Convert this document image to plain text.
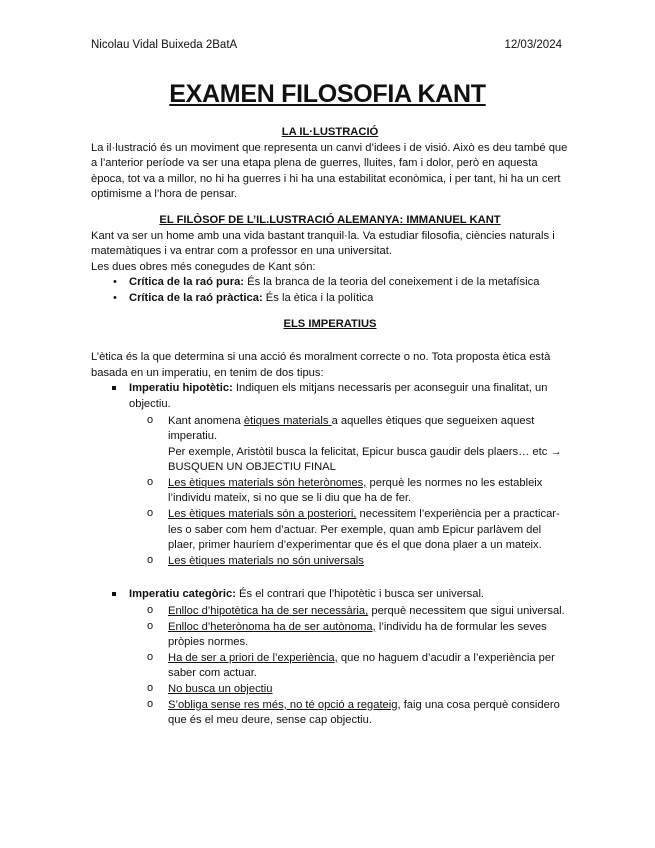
Nicolau Vidal Buixeda 2BatA	12/03/2024
EXAMEN FILOSOFIA KANT

LA IL·LUSTRACIÓ

La il·lustració és un moviment que representa un canvi d’idees i de visió. Això es deu també que a l’anterior període va ser una etapa plena de guerres, lluites, fam i dolor, però en aquesta època, tot va a millor, no hi ha guerres i hi ha una estabilitat econòmica, i per tant, hi ha un cert optimisme a l’hora de pensar.

EL FILÒSOF DE L’IL.LUSTRACIÓ ALEMANYA: IMMANUEL KANT

Kant va ser un home amb una vida bastant tranquil·la. Va estudiar filosofia, ciències naturals i matemàtiques i va entrar com a professor en una universitat.

Les dues obres més conegudes de Kant són:

• Crítica de la raó pura: És la branca de la teoria del coneixement i de la metafísica
• Crítica de la raó pràctica: És la ètica i la política

ELS IMPERATIUS

L’ètica és la que determina si una acció és moralment correcte o no. Tota proposta ètica està basada en un imperatiu, en tenim de dos tipus:

Imperatiu hipotètic: Indiquen els mitjans necessaris per aconseguir una finalitat, un objectiu.
o Kant anomena ètiques materials a aquelles ètiques que segueixen aquest imperatiu.
Per exemple, Aristòtil busca la felicitat, Epicur busca gaudir dels plaers… etc → BUSQUEN UN OBJECTIU FINAL
o Les ètiques materials són heterònomes, perquè les normes no les estableix l’individu mateix, si no que se li diu que ha de fer.
o Les ètiques materials són a posteriori, necessitem l’experiència per a practicar-les o saber com hem d’actuar. Per exemple, quan amb Epicur parlàvem del plaer, primer hauríem d’experimentar que és el que dona plaer a un mateix.
o Les ètiques materials no són universals
Imperatiu categòric: És el contrari que l’hipotètic i busca ser universal.
o Enlloc d’hipotètica ha de ser necessària, perquè necessitem que sigui universal.
o Enlloc d’heterònoma ha de ser autònoma, l’individu ha de formular les seves pròpies normes.
o Ha de ser a priori de l’experiència, que no haguem d’acudir a l’experiència per saber com actuar.
o No busca un objectiu
o S’obliga sense res més, no té opció a regateig, faig una cosa perquè considero que és el meu deure, sense cap objectiu.
